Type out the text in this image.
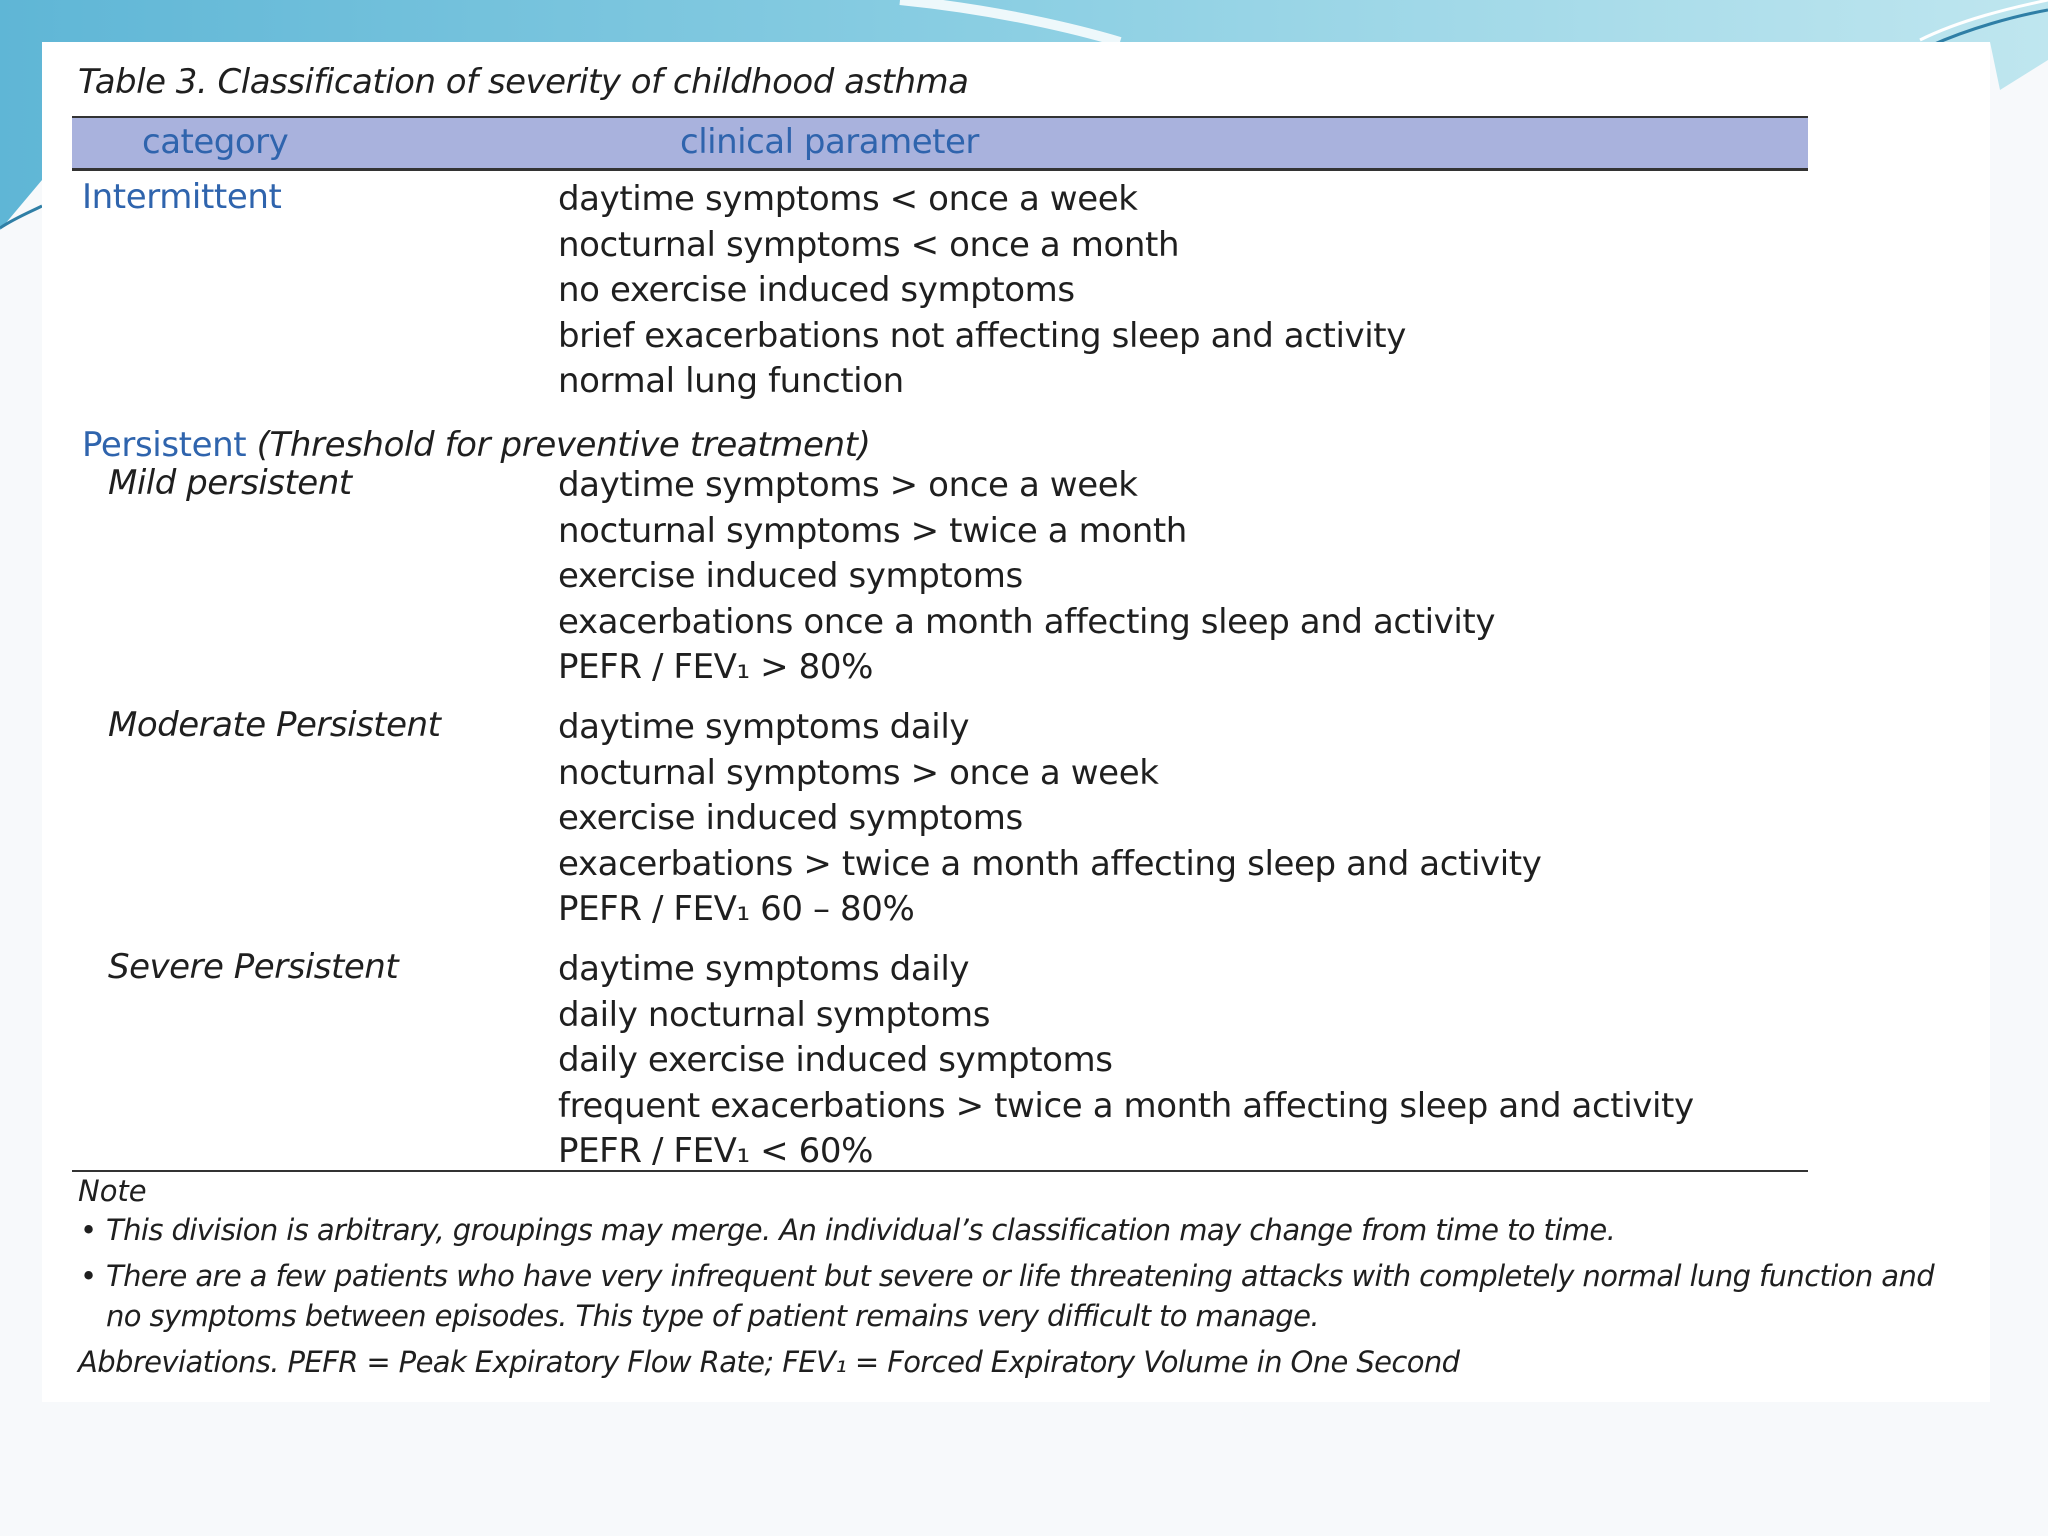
Table 3. Classification of severity of childhood asthma
category	clinical parameter
Intermittent	daytime symptoms < once a week
nocturnal symptoms < once a month
no exercise induced symptoms
brief exacerbations not affecting sleep and activity
normal lung function
Persistent (Threshold for preventive treatment)
Mild persistent	daytime symptoms > once a week
nocturnal symptoms > twice a month
exercise induced symptoms
exacerbations once a month affecting sleep and activity
PEFR / FEV₁ > 80%
Moderate Persistent	daytime symptoms daily
nocturnal symptoms > once a week
exercise induced symptoms
exacerbations > twice a month affecting sleep and activity
PEFR / FEV₁ 60 – 80%
Severe Persistent	daytime symptoms daily
daily nocturnal symptoms
daily exercise induced symptoms
frequent exacerbations > twice a month affecting sleep and activity
PEFR / FEV₁ < 60%
Note
• This division is arbitrary, groupings may merge. An individual’s classification may change from time to time.
• There are a few patients who have very infrequent but severe or life threatening attacks with completely normal lung function and no symptoms between episodes. This type of patient remains very difficult to manage.
Abbreviations. PEFR = Peak Expiratory Flow Rate; FEV₁ = Forced Expiratory Volume in One Second
